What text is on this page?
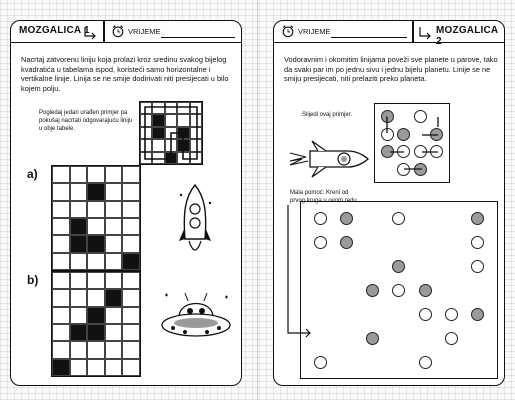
MOZGALICA 1	VRIJEME
Nacrtaj zatvorenu liniju koja prolazi kroz sredinu svakog bijelog kvadratića u tabelama ispod, koristeći samo horizontalne i vertikalne linije. Linija se ne smije dodirivati niti presijecati u bilo kojem polju.
Pogledaj jedan urađen primjer pa pokušaj nacrtati odgovarajuću liniju u obje tabele.
a)
b)
VRIJEME	MOZGALICA 2
Vodoravnim i okomitim linijama poveži sve planete u parove, tako da svaki par im po jednu sivu i jednu bijelu planetu. Linije se ne smiju presijecati, niti prelaziti preko planeta.
Slijedi ovaj primjer.
Mala pomoć: Kreni od prvog kruga u ovom redu.
